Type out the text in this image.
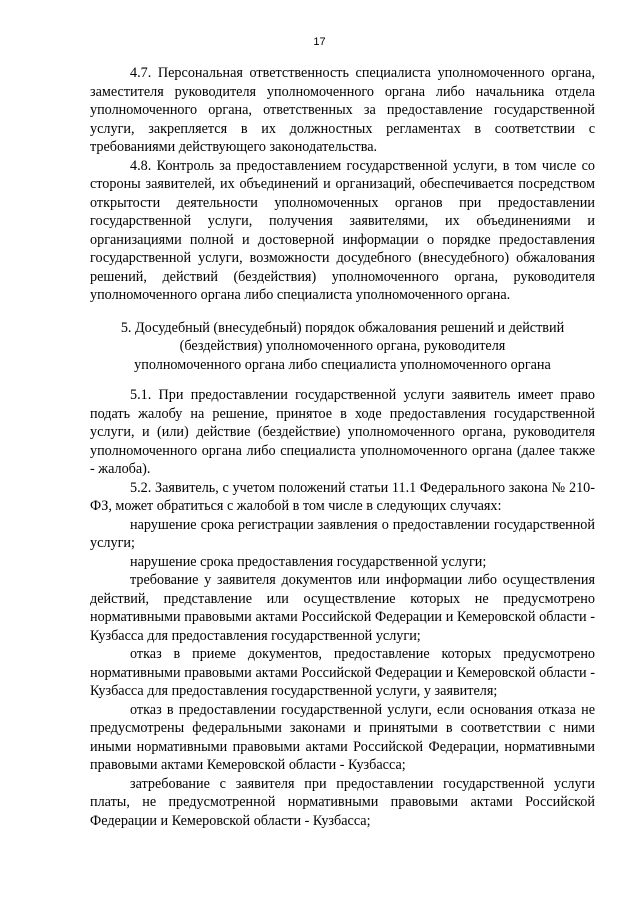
17

4.7. Персональная ответственность специалиста уполномоченного органа, заместителя руководителя уполномоченного органа либо начальника отдела уполномоченного органа, ответственных за предоставление государственной услуги, закрепляется в их должностных регламентах в соответствии с требованиями действующего законодательства.

4.8. Контроль за предоставлением государственной услуги, в том числе со стороны заявителей, их объединений и организаций, обеспечивается посредством открытости деятельности уполномоченных органов при предоставлении государственной услуги, получения заявителями, их объединениями и организациями полной и достоверной информации о порядке предоставления государственной услуги, возможности досудебного (внесудебного) обжалования решений, действий (бездействия) уполномоченного органа, руководителя уполномоченного органа либо специалиста уполномоченного органа.

5. Досудебный (внесудебный) порядок обжалования решений и действий
(бездействия) уполномоченного органа, руководителя
уполномоченного органа либо специалиста уполномоченного органа

5.1. При предоставлении государственной услуги заявитель имеет право подать жалобу на решение, принятое в ходе предоставления государственной услуги, и (или) действие (бездействие) уполномоченного органа, руководителя уполномоченного органа либо специалиста уполномоченного органа (далее также - жалоба).

5.2. Заявитель, с учетом положений статьи 11.1 Федерального закона № 210-ФЗ, может обратиться с жалобой в том числе в следующих случаях:

нарушение срока регистрации заявления о предоставлении государственной услуги;

нарушение срока предоставления государственной услуги;

требование у заявителя документов или информации либо осуществления действий, представление или осуществление которых не предусмотрено нормативными правовыми актами Российской Федерации и Кемеровской области - Кузбасса для предоставления государственной услуги;

отказ в приеме документов, предоставление которых предусмотрено нормативными правовыми актами Российской Федерации и Кемеровской области - Кузбасса для предоставления государственной услуги, у заявителя;

отказ в предоставлении государственной услуги, если основания отказа не предусмотрены федеральными законами и принятыми в соответствии с ними иными нормативными правовыми актами Российской Федерации, нормативными правовыми актами Кемеровской области - Кузбасса;

затребование с заявителя при предоставлении государственной услуги платы, не предусмотренной нормативными правовыми актами Российской Федерации и Кемеровской области - Кузбасса;
